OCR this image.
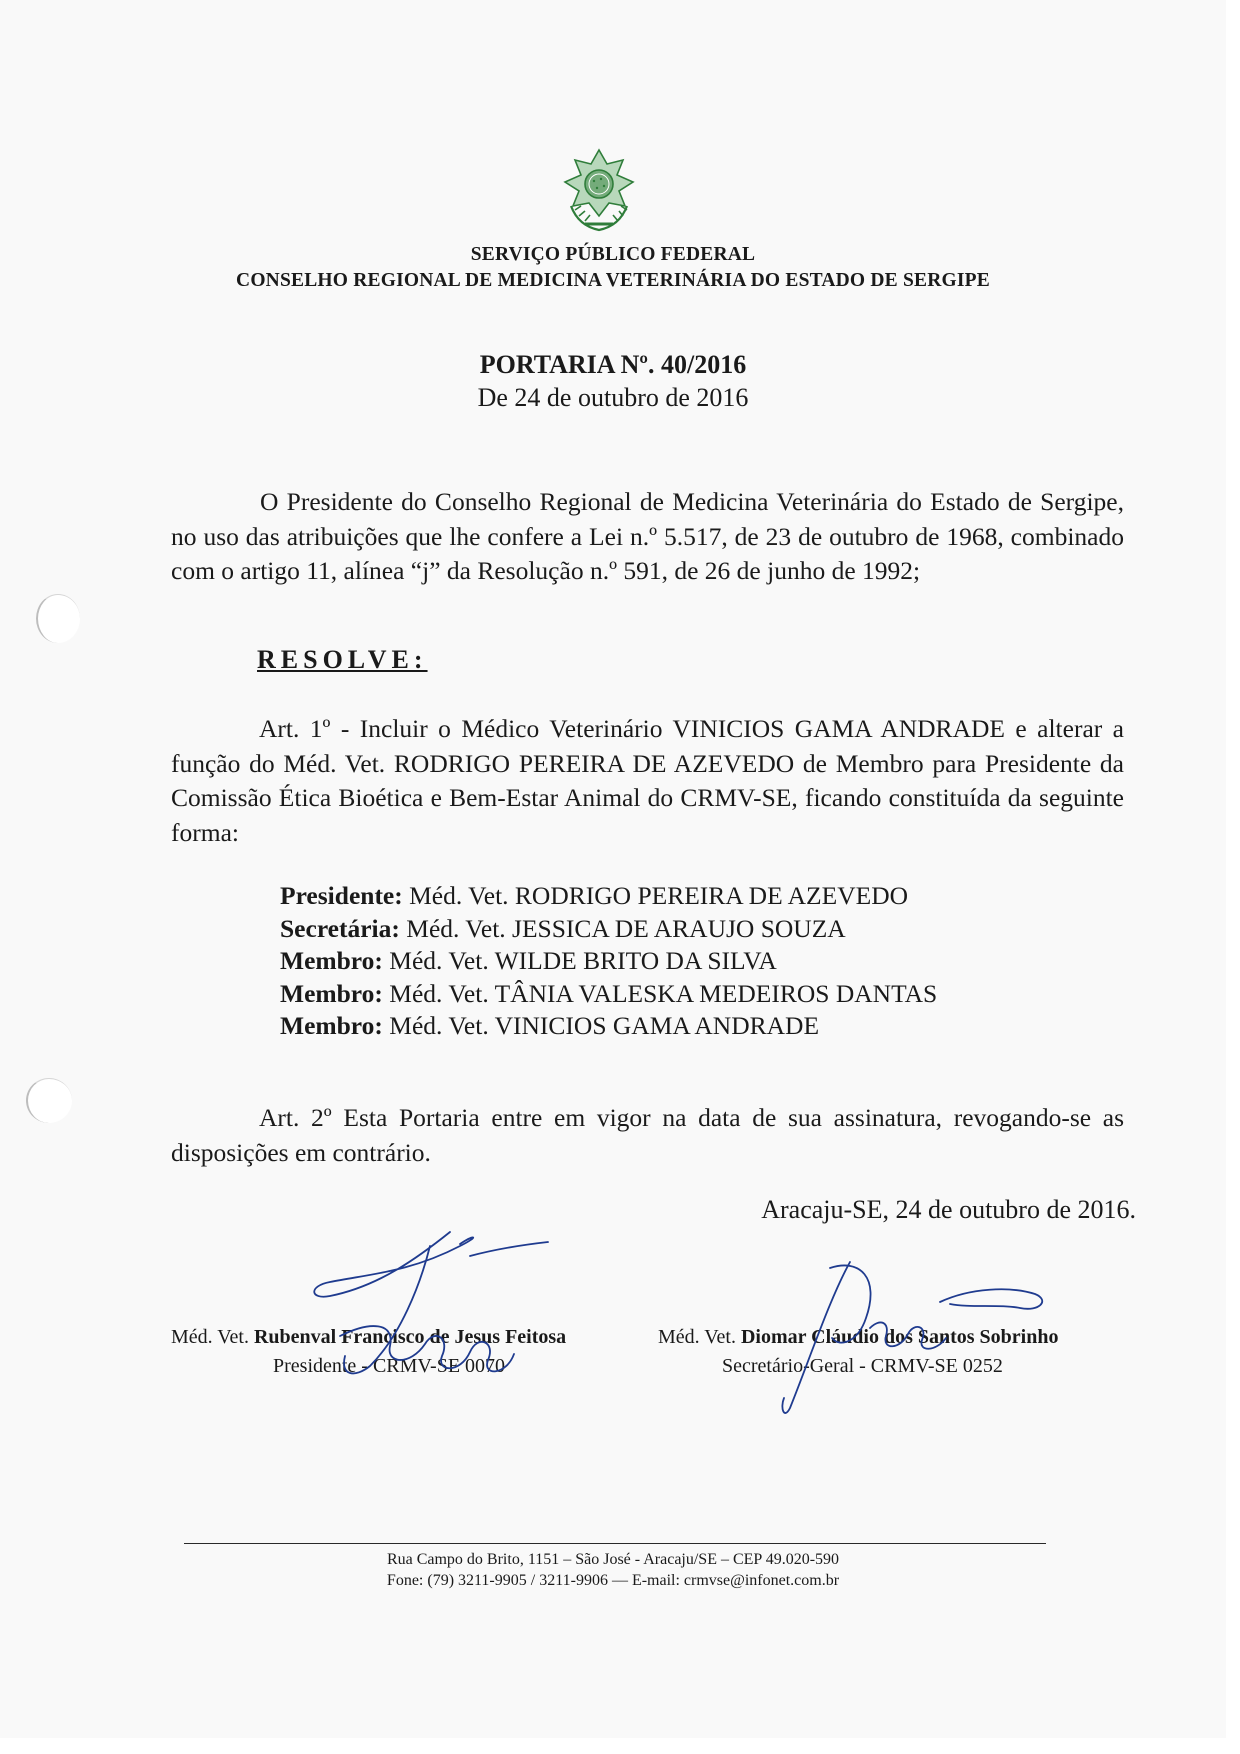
SERVIÇO PÚBLICO FEDERAL

CONSELHO REGIONAL DE MEDICINA VETERINÁRIA DO ESTADO DE SERGIPE

PORTARIA Nº. 40/2016

De 24 de outubro de 2016

O Presidente do Conselho Regional de Medicina Veterinária do Estado de Sergipe, no uso das atribuições que lhe confere a Lei n.º 5.517, de 23 de outubro de 1968, combinado com o artigo 11, alínea “j” da Resolução n.º 591, de 26 de junho de 1992;

RESOLVE:

Art. 1º - Incluir o Médico Veterinário VINICIOS GAMA ANDRADE e alterar a função do Méd. Vet. RODRIGO PEREIRA DE AZEVEDO de Membro para Presidente da Comissão Ética Bioética e Bem-Estar Animal do CRMV-SE, ficando constituída da seguinte forma:

Presidente: Méd. Vet. RODRIGO PEREIRA DE AZEVEDO
Secretária: Méd. Vet. JESSICA DE ARAUJO SOUZA
Membro: Méd. Vet. WILDE BRITO DA SILVA
Membro: Méd. Vet. TÂNIA VALESKA MEDEIROS DANTAS
Membro: Méd. Vet. VINICIOS GAMA ANDRADE

Art. 2º Esta Portaria entre em vigor na data de sua assinatura, revogando-se as disposições em contrário.

Aracaju-SE, 24 de outubro de 2016.

Méd. Vet. Rubenval Francisco de Jesus Feitosa

Presidente - CRMV-SE 0070

Méd. Vet. Diomar Cláudio dos Santos Sobrinho

Secretário-Geral - CRMV-SE 0252

Rua Campo do Brito, 1151 – São José - Aracaju/SE – CEP 49.020-590

Fone: (79) 3211-9905 / 3211-9906 — E-mail: crmvse@infonet.com.br
